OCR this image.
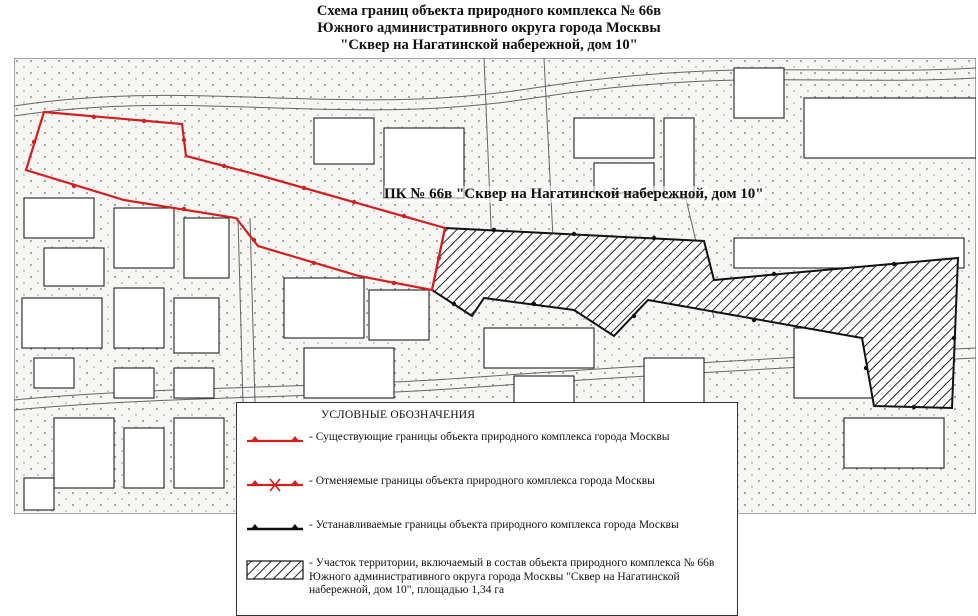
Схема границ объекта природного комплекса № 66в
Южного административного округа города Москвы
"Сквер на Нагатинской набережной, дом 10"
ПК № 66в "Сквер на Нагатинской набережной, дом 10"
УСЛОВНЫЕ ОБОЗНАЧЕНИЯ
- Существующие границы объекта природного комплекса города Москвы
- Отменяемые границы объекта природного комплекса города Москвы
- Устанавливаемые границы объекта природного комплекса города Москвы
- Участок территории, включаемый в состав объекта природного комплекса № 66в Южного административного округа города Москвы "Сквер на Нагатинской набережной, дом 10", площадью 1,34 га
